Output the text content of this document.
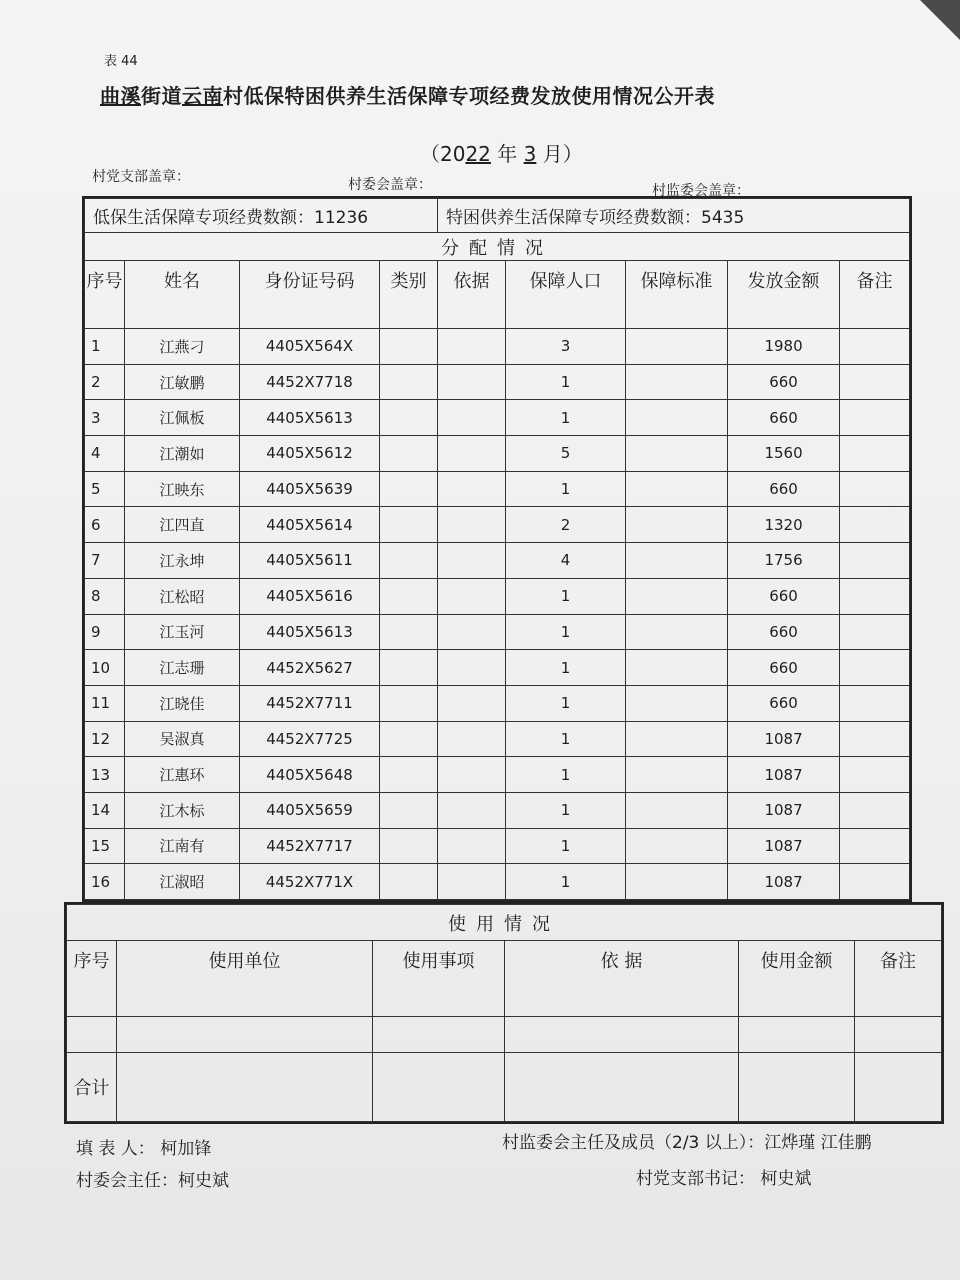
表 44
曲溪街道云南村低保特困供养生活保障专项经费发放使用情况公开表
（2022 年 3 月）
村党支部盖章：	村委会盖章：	村监委会盖章：
低保生活保障专项经费数额：11236				特困供养生活保障专项经费数额：5435				
分配情况								
序号	姓名	身份证号码	类别	依据	保障人口	保障标准	发放金额	备注
1	江燕刁	4405X564X			3		1980	
2	江敏鹏	4452X7718			1		660	
3	江佩板	4405X5613			1		660	
4	江潮如	4405X5612			5		1560	
5	江映东	4405X5639			1		660	
6	江四直	4405X5614			2		1320	
7	江永坤	4405X5611			4		1756	
8	江松昭	4405X5616			1		660	
9	江玉河	4405X5613			1		660	
10	江志珊	4452X5627			1		660	
11	江晓佳	4452X7711			1		660	
12	吴淑真	4452X7725			1		1087	
13	江惠环	4405X5648			1		1087	
14	江木标	4405X5659			1		1087	
15	江南有	4452X7717			1		1087	
16	江淑昭	4452X771X			1		1087	
使用情况					
序号	使用单位	使用事项	依 据	使用金额	备注

合计					
填 表 人： 柯加锋	村监委会主任及成员（2/3 以上）：江烨瑾 江佳鹏
村委会主任：柯史斌	村党支部书记： 柯史斌
